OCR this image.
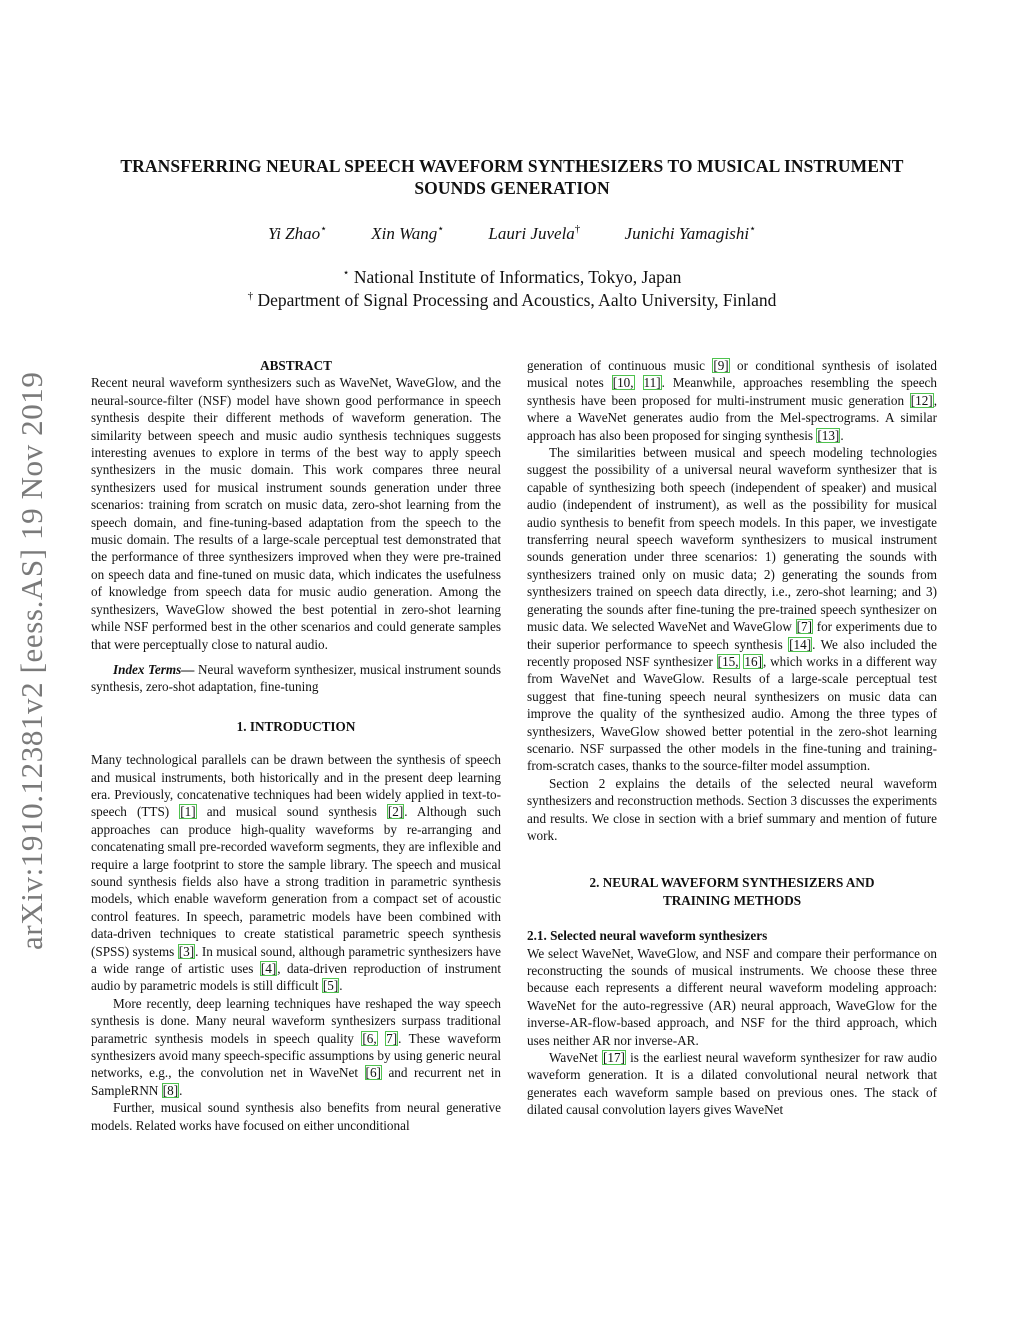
arXiv:1910.12381v2 [eess.AS] 19 Nov 2019
TRANSFERRING NEURAL SPEECH WAVEFORM SYNTHESIZERS TO MUSICAL INSTRUMENT SOUNDS GENERATION
Yi Zhao⋆	Xin Wang⋆	Lauri Juvela†	Junichi Yamagishi⋆
⋆ National Institute of Informatics, Tokyo, Japan
† Department of Signal Processing and Acoustics, Aalto University, Finland

ABSTRACT

Recent neural waveform synthesizers such as WaveNet, WaveGlow, and the neural-source-filter (NSF) model have shown good performance in speech synthesis despite their different methods of waveform generation. The similarity between speech and music audio synthesis techniques suggests interesting avenues to explore in terms of the best way to apply speech synthesizers in the music domain. This work compares three neural synthesizers used for musical instrument sounds generation under three scenarios: training from scratch on music data, zero-shot learning from the speech domain, and fine-tuning-based adaptation from the speech to the music domain. The results of a large-scale perceptual test demonstrated that the performance of three synthesizers improved when they were pre-trained on speech data and fine-tuned on music data, which indicates the usefulness of knowledge from speech data for music audio generation. Among the synthesizers, WaveGlow showed the best potential in zero-shot learning while NSF performed best in the other scenarios and could generate samples that were perceptually close to natural audio.

Index Terms— Neural waveform synthesizer, musical instrument sounds synthesis, zero-shot adaptation, fine-tuning

1. INTRODUCTION

Many technological parallels can be drawn between the synthesis of speech and musical instruments, both historically and in the present deep learning era. Previously, concatenative techniques had been widely applied in text-to-speech (TTS) [1] and musical sound synthesis [2]. Although such approaches can produce high-quality waveforms by re-arranging and concatenating small pre-recorded waveform segments, they are inflexible and require a large footprint to store the sample library. The speech and musical sound synthesis fields also have a strong tradition in parametric synthesis models, which enable waveform generation from a compact set of acoustic control features. In speech, parametric models have been combined with data-driven techniques to create statistical parametric speech synthesis (SPSS) systems [3]. In musical sound, although parametric synthesizers have a wide range of artistic uses [4], data-driven reproduction of instrument audio by parametric models is still difficult [5].

More recently, deep learning techniques have reshaped the way speech synthesis is done. Many neural waveform synthesizers surpass traditional parametric synthesis models in speech quality [6, 7]. These waveform synthesizers avoid many speech-specific assumptions by using generic neural networks, e.g., the convolution net in WaveNet [6] and recurrent net in SampleRNN [8].

Further, musical sound synthesis also benefits from neural generative models. Related works have focused on either unconditional

generation of continuous music [9] or conditional synthesis of isolated musical notes [10, 11]. Meanwhile, approaches resembling the speech synthesis have been proposed for multi-instrument music generation [12], where a WaveNet generates audio from the Mel-spectrograms. A similar approach has also been proposed for singing synthesis [13].

The similarities between musical and speech modeling technologies suggest the possibility of a universal neural waveform synthesizer that is capable of synthesizing both speech (independent of speaker) and musical audio (independent of instrument), as well as the possibility for musical audio synthesis to benefit from speech models. In this paper, we investigate transferring neural speech waveform synthesizers to musical instrument sounds generation under three scenarios: 1) generating the sounds with synthesizers trained only on music data; 2) generating the sounds from synthesizers trained on speech data directly, i.e., zero-shot learning; and 3) generating the sounds after fine-tuning the pre-trained speech synthesizer on music data. We selected WaveNet and WaveGlow [7] for experiments due to their superior performance to speech synthesis [14]. We also included the recently proposed NSF synthesizer [15, 16], which works in a different way from WaveNet and WaveGlow. Results of a large-scale perceptual test suggest that fine-tuning speech neural synthesizers on music data can improve the quality of the synthesized audio. Among the three types of synthesizers, WaveGlow showed better potential in the zero-shot learning scenario. NSF surpassed the other models in the fine-tuning and training-from-scratch cases, thanks to the source-filter model assumption.

Section 2 explains the details of the selected neural waveform synthesizers and reconstruction methods. Section 3 discusses the experiments and results. We close in section with a brief summary and mention of future work.

2. NEURAL WAVEFORM SYNTHESIZERS AND TRAINING METHODS

2.1. Selected neural waveform synthesizers

We select WaveNet, WaveGlow, and NSF and compare their performance on reconstructing the sounds of musical instruments. We choose these three because each represents a different neural waveform modeling approach: WaveNet for the auto-regressive (AR) neural approach, WaveGlow for the inverse-AR-flow-based approach, and NSF for the third approach, which uses neither AR nor inverse-AR.

WaveNet [17] is the earliest neural waveform synthesizer for raw audio waveform generation. It is a dilated convolutional neural network that generates each waveform sample based on previous ones. The stack of dilated causal convolution layers gives WaveNet
